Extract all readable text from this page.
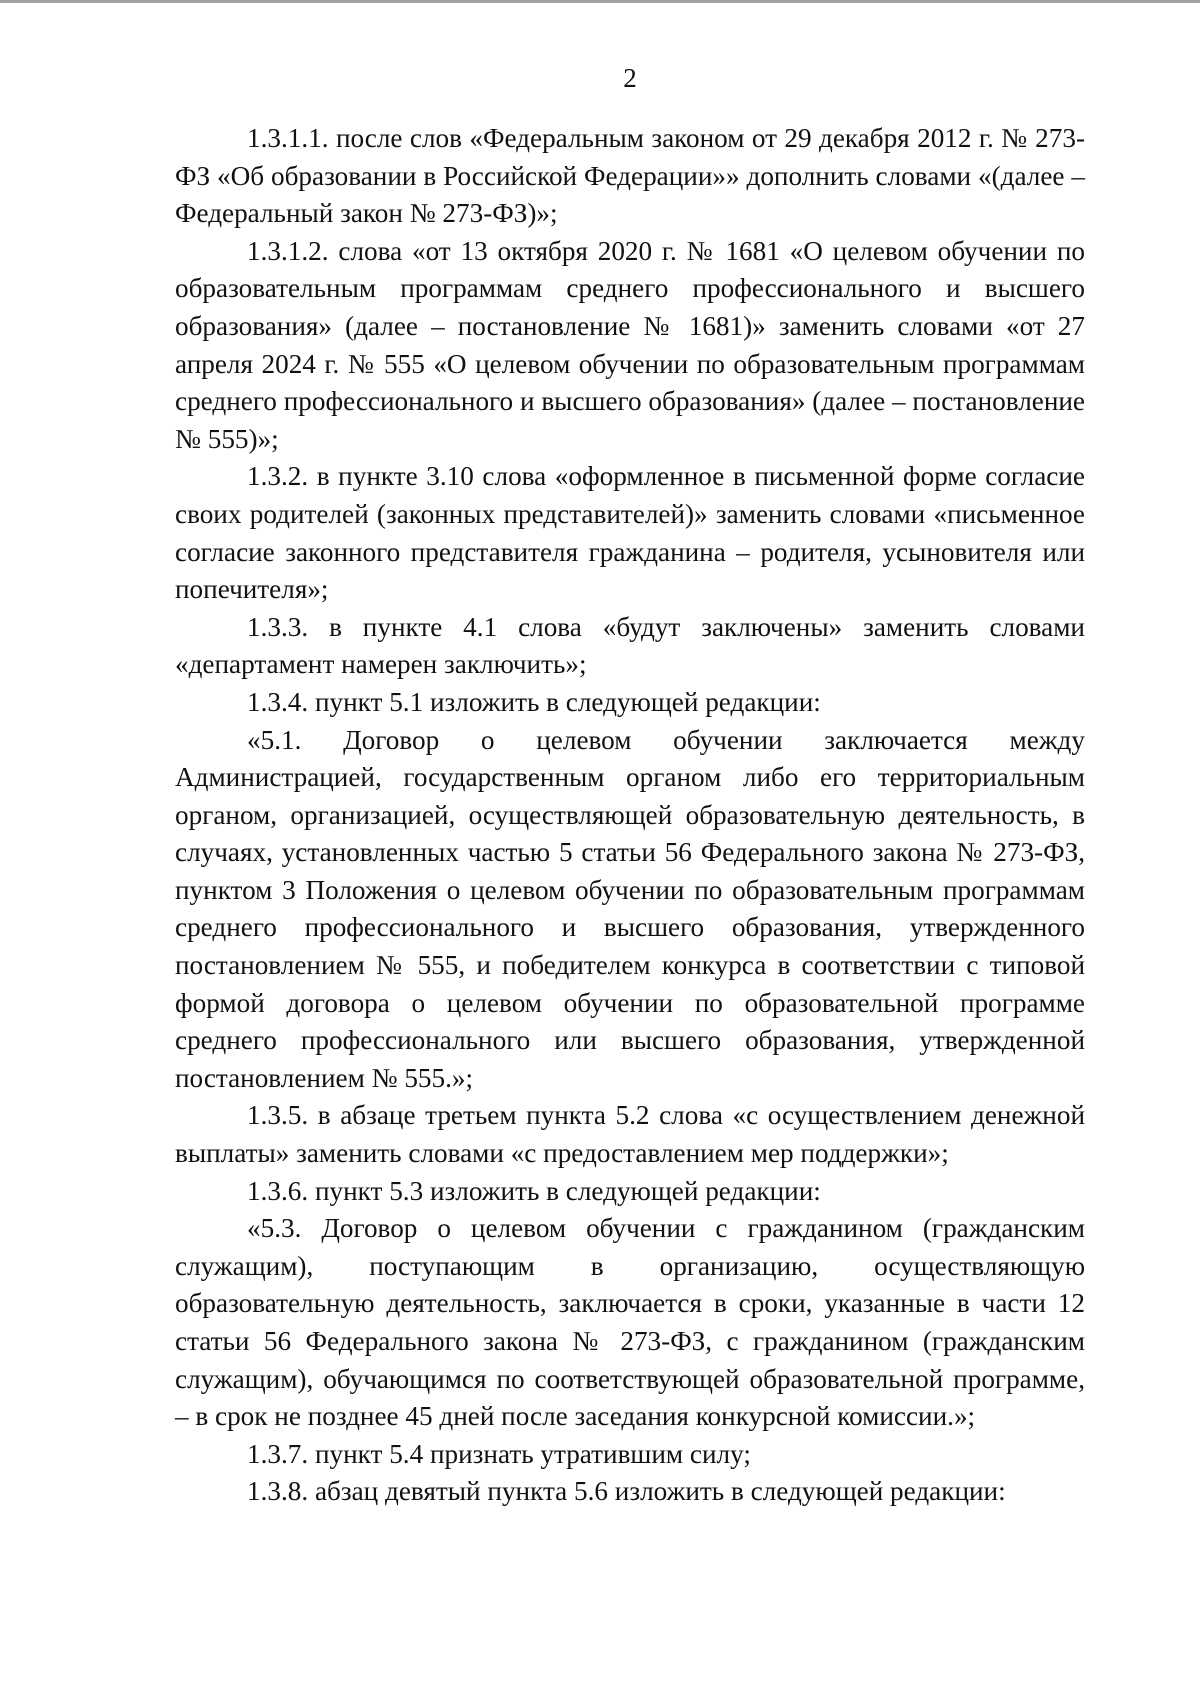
2

1.3.1.1. после слов «Федеральным законом от 29 декабря 2012 г. № 273-ФЗ «Об образовании в Российской Федерации»» дополнить словами «(далее – Федеральный закон № 273-ФЗ)»;

1.3.1.2. слова «от 13 октября 2020 г. № 1681 «О целевом обучении по образовательным программам среднего профессионального и высшего образования» (далее – постановление № 1681)» заменить словами «от 27 апреля 2024 г. № 555 «О целевом обучении по образовательным программам среднего профессионального и высшего образования» (далее – постановление № 555)»;

1.3.2. в пункте 3.10 слова «оформленное в письменной форме согласие своих родителей (законных представителей)» заменить словами «письменное согласие законного представителя гражданина – родителя, усыновителя или попечителя»;

1.3.3. в пункте 4.1 слова «будут заключены» заменить словами «департамент намерен заключить»;

1.3.4. пункт 5.1 изложить в следующей редакции:

«5.1. Договор о целевом обучении заключается между Администрацией, государственным органом либо его территориальным органом, организацией, осуществляющей образовательную деятельность, в случаях, установленных частью 5 статьи 56 Федерального закона № 273-ФЗ, пунктом 3 Положения о целевом обучении по образовательным программам среднего профессионального и высшего образования, утвержденного постановлением № 555, и победителем конкурса в соответствии с типовой формой договора о целевом обучении по образовательной программе среднего профессионального или высшего образования, утвержденной постановлением № 555.»;

1.3.5. в абзаце третьем пункта 5.2 слова «с осуществлением денежной выплаты» заменить словами «с предоставлением мер поддержки»;

1.3.6. пункт 5.3 изложить в следующей редакции:

«5.3. Договор о целевом обучении с гражданином (гражданским служащим), поступающим в организацию, осуществляющую образовательную деятельность, заключается в сроки, указанные в части 12 статьи 56 Федерального закона № 273-ФЗ, с гражданином (гражданским служащим), обучающимся по соответствующей образовательной программе, – в срок не позднее 45 дней после заседания конкурсной комиссии.»;

1.3.7. пункт 5.4 признать утратившим силу;

1.3.8. абзац девятый пункта 5.6 изложить в следующей редакции:
